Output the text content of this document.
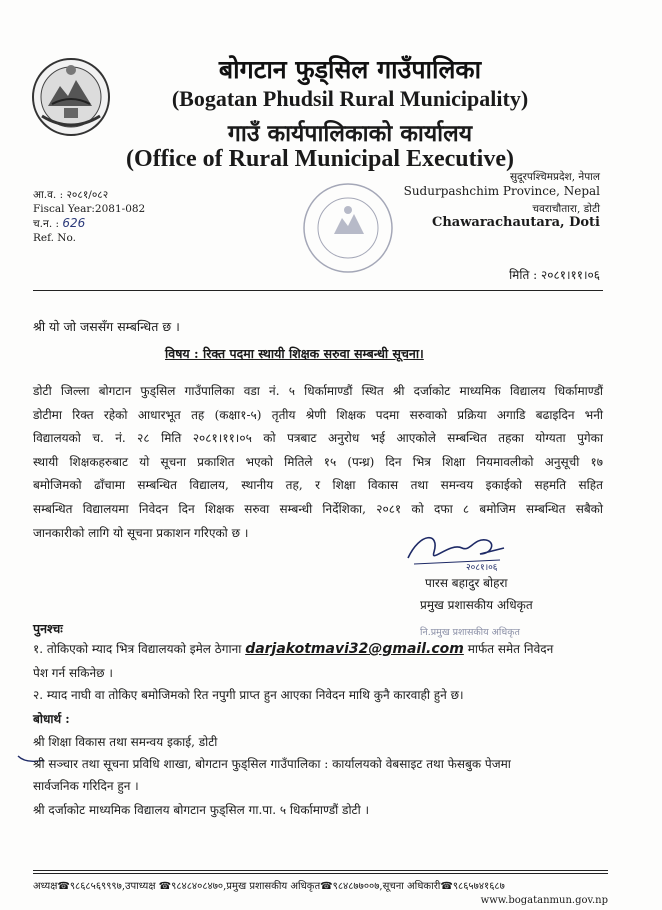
बोगटान फुड्सिल गाउँपालिका
(Bogatan Phudsil Rural Municipality)
गाउँ कार्यपालिकाको कार्यालय
(Office of Rural Municipal Executive)
आ.व. : २०८१/०८२
Fiscal Year:2081-082
च.न. : 626
Ref. No.
सुदूरपश्चिमप्रदेश, नेपाल
Sudurpashchim Province, Nepal
चवराचौतारा, डोटी
Chawarachautara, Doti
मिति : २०८१।११।०६
श्री यो जो जससँग सम्बन्धित छ ।
विषय : रिक्त पदमा स्थायी शिक्षक सरुवा सम्बन्धी सूचना।
डोटी जिल्ला बोगटान फुड्सिल गाउँपालिका वडा नं. ५ धिर्कामाण्डौं स्थित श्री दर्जाकोट माध्यमिक विद्यालय धिर्कामाण्डौं
डोटीमा रिक्त रहेको आधारभूत तह (कक्षा१-५) तृतीय श्रेणी शिक्षक पदमा सरुवाको प्रक्रिया अगाडि बढाइदिन भनी
विद्यालयको च. नं. २८ मिति २०८१।११।०५ को पत्रबाट अनुरोध भई आएकोले सम्बन्धित तहका योग्यता पुगेका
स्थायी शिक्षकहरुबाट यो सूचना प्रकाशित भएको मितिले १५ (पन्ध्र) दिन भित्र शिक्षा नियमावलीको अनुसूची १७
बमोजिमको ढाँचामा सम्बन्धित विद्यालय, स्थानीय तह, र शिक्षा विकास तथा समन्वय इकाईको सहमति सहित
सम्बन्धित विद्यालयमा निवेदन दिन शिक्षक सरुवा सम्बन्धी निर्देशिका, २०८१ को दफा ८ बमोजिम सम्बन्धित सबैको
जानकारीको लागि यो सूचना प्रकाशन गरिएको छ ।
२०८१।०६
पारस बहादुर बोहरा
प्रमुख प्रशासकीय अधिकृत
पुनश्चः	नि.प्रमुख प्रशासकीय अधिकृत
१. तोकिएको म्याद भित्र विद्यालयको इमेल ठेगाना darjakotmavi32@gmail.com मार्फत समेत निवेदन
पेश गर्न सकिनेछ ।
२. म्याद नाघी वा तोकिए बमोजिमको रित नपुगी प्राप्त हुन आएका निवेदन माथि कुनै कारवाही हुने छ।
बोधार्थ :
श्री शिक्षा विकास तथा समन्वय इकाई, डोटी
श्री सञ्चार तथा सूचना प्रविधि शाखा, बोगटान फुड्सिल गाउँपालिका : कार्यालयको वेबसाइट तथा फेसबुक पेजमा
सार्वजनिक गरिदिन हुन ।
श्री दर्जाकोट माध्यमिक विद्यालय बोगटान फुड्सिल गा.पा. ५ धिर्कामाण्डौं डोटी ।
अध्यक्ष☎९८६८५६९९९७,उपाध्यक्ष ☎९८४८४०८४७०,प्रमुख प्रशासकीय अधिकृत☎९८४८७७००७,सूचना अधिकारी☎९८६५७४१६८७
www.bogatanmun.gov.np
